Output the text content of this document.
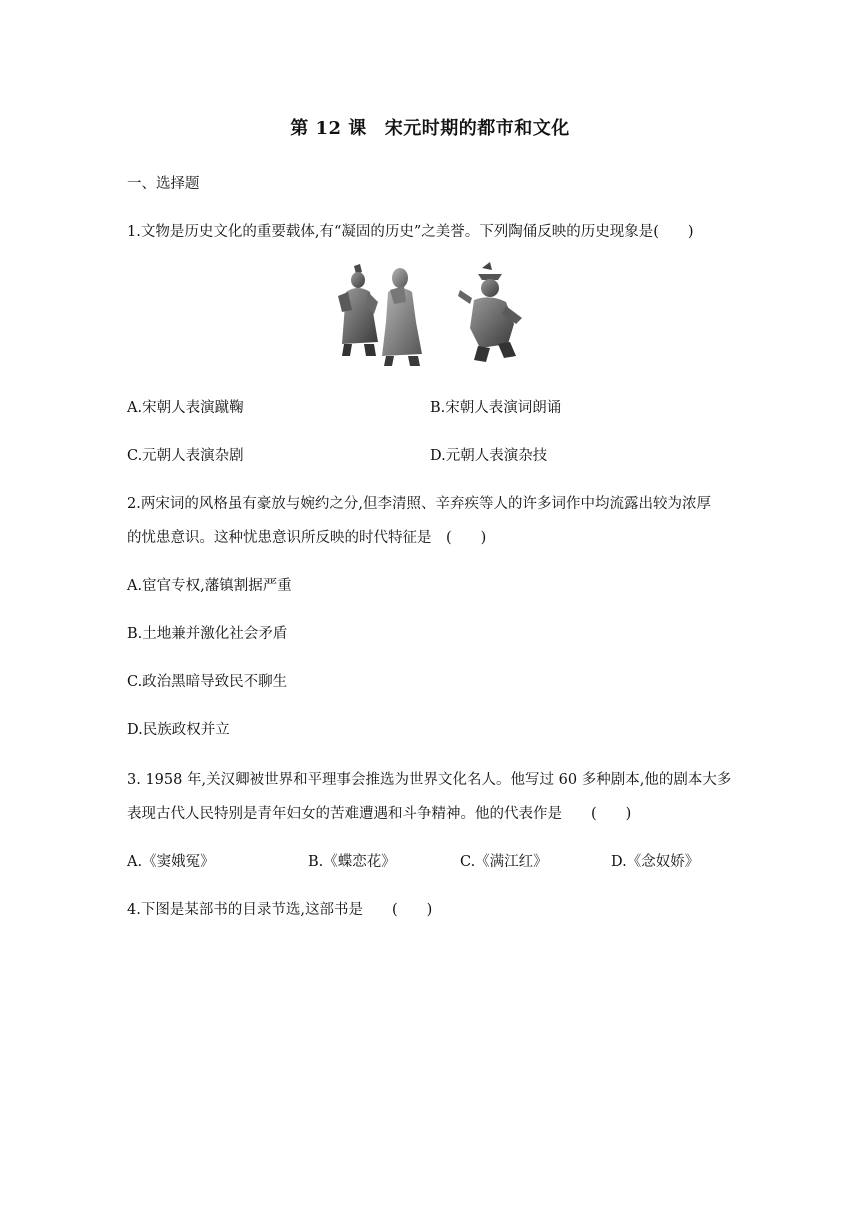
第 12 课 宋元时期的都市和文化
一、选择题
1.文物是历史文化的重要载体,有“凝固的历史”之美誉。下列陶俑反映的历史现象是(　　)
A.宋朝人表演蹴鞠	B.宋朝人表演词朗诵
C.元朝人表演杂剧	D.元朝人表演杂技
2.两宋词的风格虽有豪放与婉约之分,但李清照、辛弃疾等人的许多词作中均流露出较为浓厚
的忧患意识。这种忧患意识所反映的时代特征是　(　　)
A.宦官专权,藩镇割据严重
B.土地兼并激化社会矛盾
C.政治黑暗导致民不聊生
D.民族政权并立
3. 1958 年,关汉卿被世界和平理事会推选为世界文化名人。他写过 60 多种剧本,他的剧本大多
表现古代人民特别是青年妇女的苦难遭遇和斗争精神。他的代表作是　　(　　)
A.《窦娥冤》	B.《蝶恋花》	C.《满江红》	D.《念奴娇》
4.下图是某部书的目录节选,这部书是　　(　　)
